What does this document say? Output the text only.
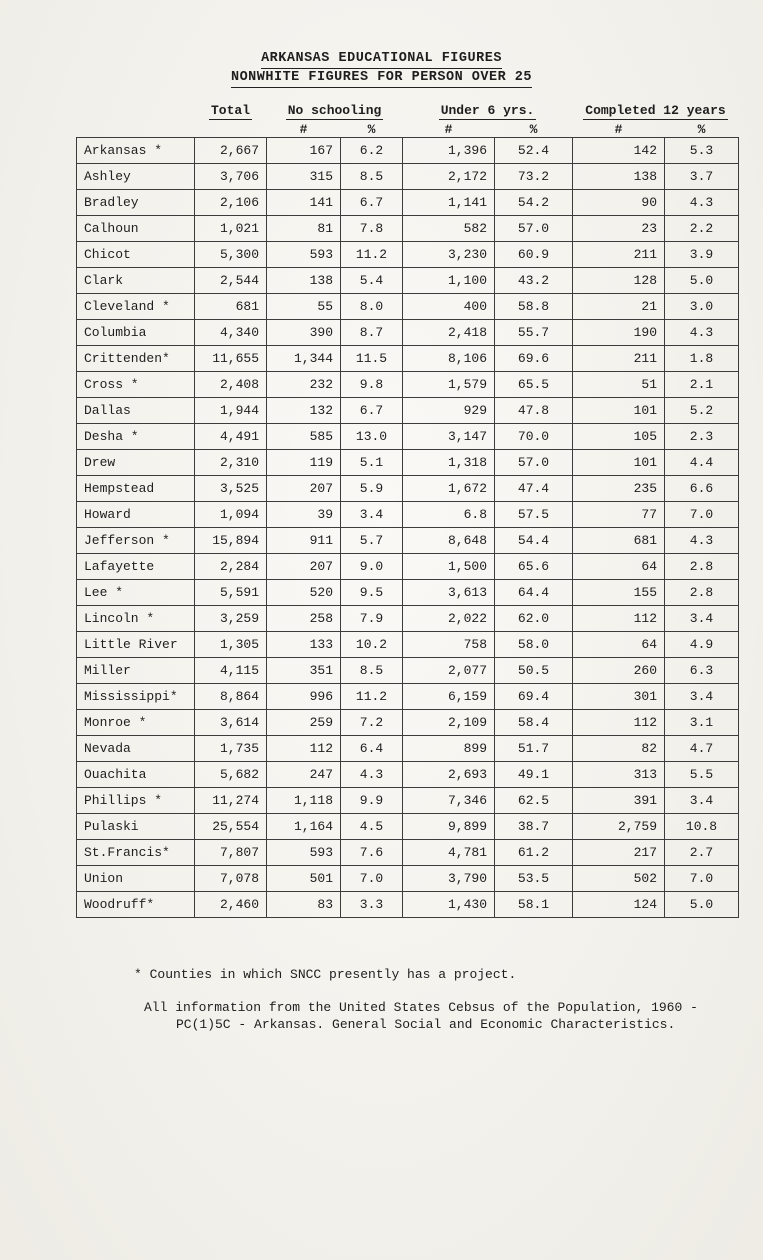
ARKANSAS EDUCATIONAL FIGURES
NONWHITE FIGURES FOR PERSON OVER 25
	Total	No schooling		Under 6 yrs.		Completed 12 years	
		#	%	#	%	#	%
Arkansas *	2,667	167	6.2	1,396	52.4	142	5.3
Ashley	3,706	315	8.5	2,172	73.2	138	3.7
Bradley	2,106	141	6.7	1,141	54.2	90	4.3
Calhoun	1,021	81	7.8	582	57.0	23	2.2
Chicot	5,300	593	11.2	3,230	60.9	211	3.9
Clark	2,544	138	5.4	1,100	43.2	128	5.0
Cleveland *	681	55	8.0	400	58.8	21	3.0
Columbia	4,340	390	8.7	2,418	55.7	190	4.3
Crittenden*	11,655	1,344	11.5	8,106	69.6	211	1.8
Cross *	2,408	232	9.8	1,579	65.5	51	2.1
Dallas	1,944	132	6.7	929	47.8	101	5.2
Desha *	4,491	585	13.0	3,147	70.0	105	2.3
Drew	2,310	119	5.1	1,318	57.0	101	4.4
Hempstead	3,525	207	5.9	1,672	47.4	235	6.6
Howard	1,094	39	3.4	6.8	57.5	77	7.0
Jefferson *	15,894	911	5.7	8,648	54.4	681	4.3
Lafayette	2,284	207	9.0	1,500	65.6	64	2.8
Lee *	5,591	520	9.5	3,613	64.4	155	2.8
Lincoln *	3,259	258	7.9	2,022	62.0	112	3.4
Little River	1,305	133	10.2	758	58.0	64	4.9
Miller	4,115	351	8.5	2,077	50.5	260	6.3
Mississippi*	8,864	996	11.2	6,159	69.4	301	3.4
Monroe *	3,614	259	7.2	2,109	58.4	112	3.1
Nevada	1,735	112	6.4	899	51.7	82	4.7
Ouachita	5,682	247	4.3	2,693	49.1	313	5.5
Phillips *	11,274	1,118	9.9	7,346	62.5	391	3.4
Pulaski	25,554	1,164	4.5	9,899	38.7	2,759	10.8
St.Francis*	7,807	593	7.6	4,781	61.2	217	2.7
Union	7,078	501	7.0	3,790	53.5	502	7.0
Woodruff*	2,460	83	3.3	1,430	58.1	124	5.0
* Counties in which SNCC presently has a project.
All information from the United States Cebsus of the Population, 1960 -
PC(1)5C - Arkansas. General Social and Economic Characteristics.
